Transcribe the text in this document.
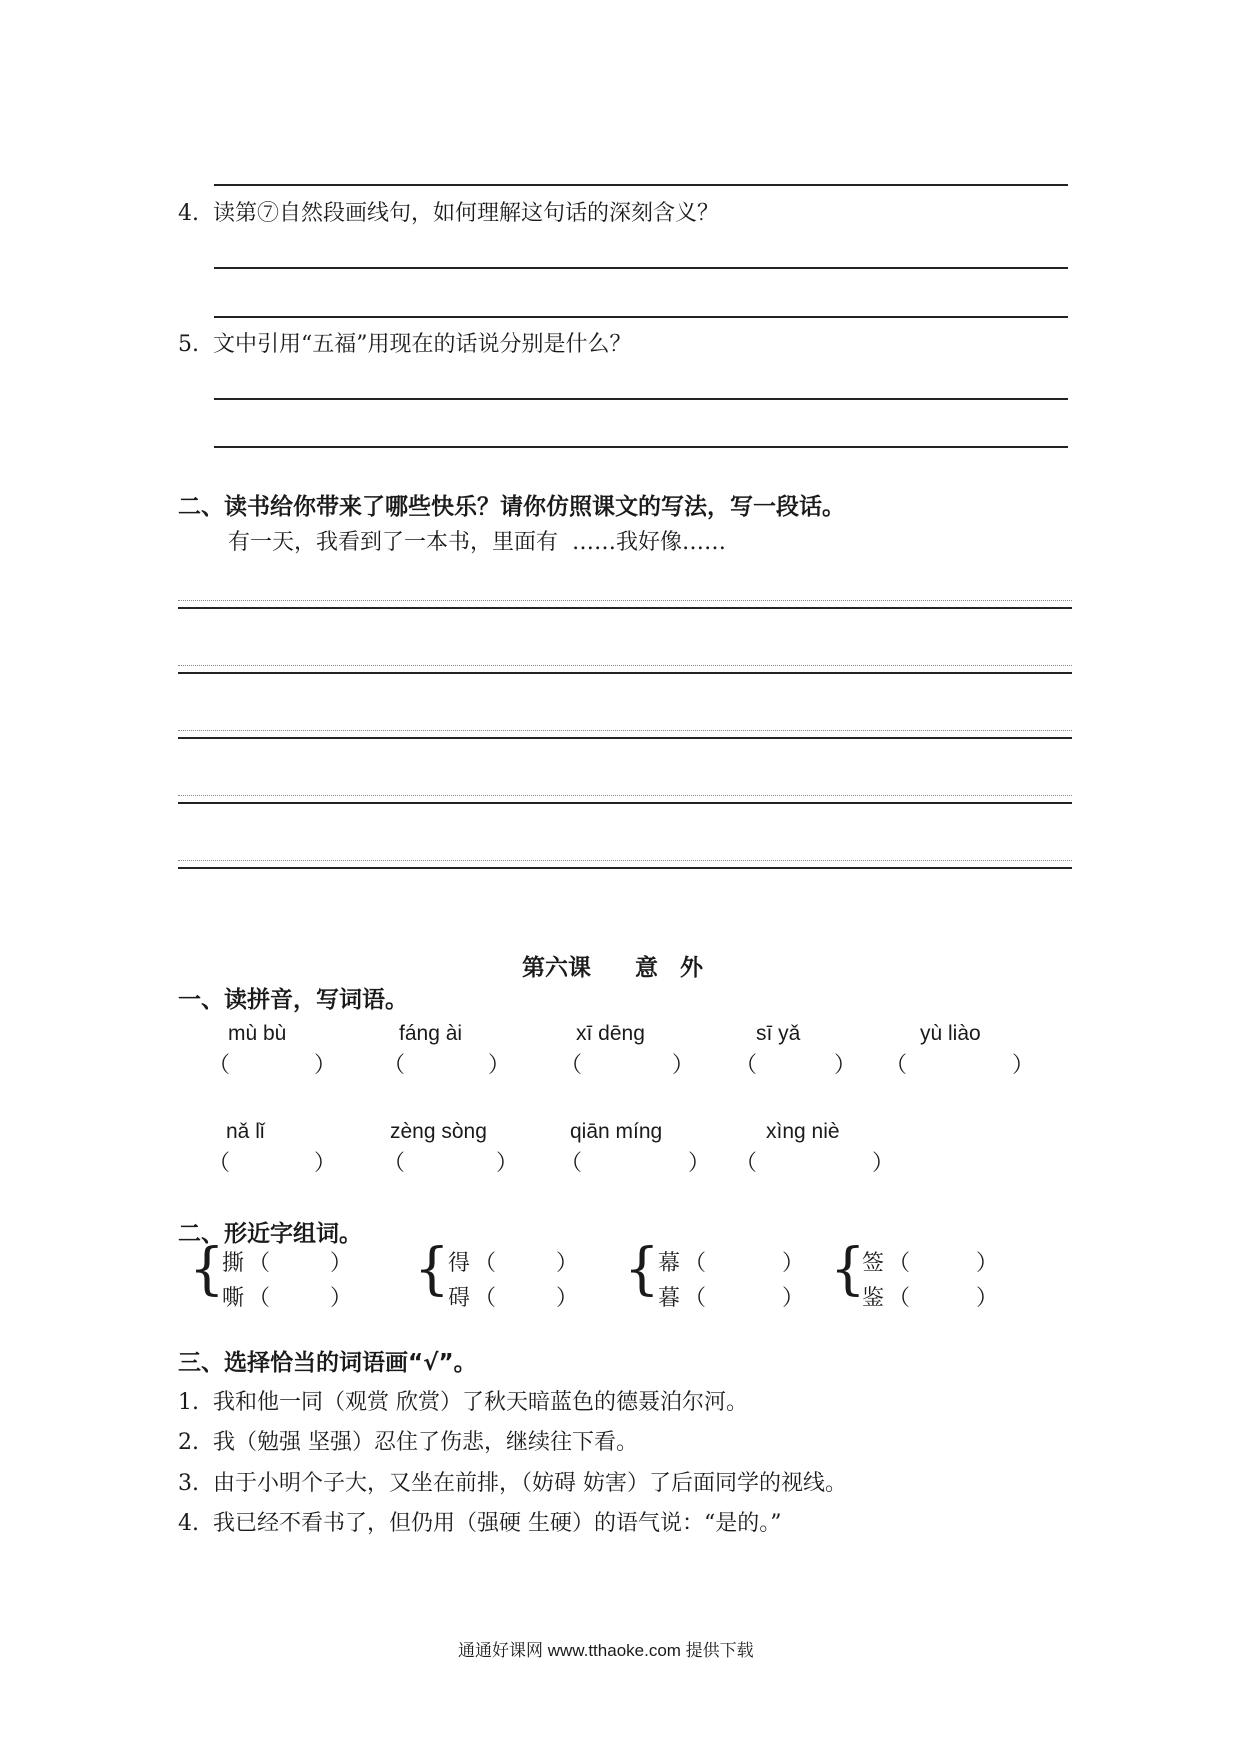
4. 读第⑦自然段画线句，如何理解这句话的深刻含义？
5. 文中引用“五福”用现在的话说分别是什么？
二、读书给你带来了哪些快乐？请你仿照课文的写法，写一段话。
有一天，我看到了一本书，里面有 ……我好像……
第六课 意 外
一、读拼音，写词语。
mù bù	fáng ài	xī dēng	sī yǎ	yù liào
（	） （	） （	） （	） （	）
nǎ lǐ	zèng sòng	qiān míng	xìng niè
（	） （	） （	） （	）
二、形近字组词。
{
撕 （	）
嘶 （	） {
得 （	）
碍 （	） {
幕 （	）
暮 （	） {
签 （	）
鉴 （	）
三、选择恰当的词语画“√”。
1. 我和他一同（观赏 欣赏）了秋天暗蓝色的德聂泊尔河。
2. 我（勉强 坚强）忍住了伤悲，继续往下看。
3. 由于小明个子大，又坐在前排，（妨碍 妨害）了后面同学的视线。
4. 我已经不看书了，但仍用（强硬 生硬）的语气说：“是的。”
通通好课网 www.tthaoke.com 提供下载
